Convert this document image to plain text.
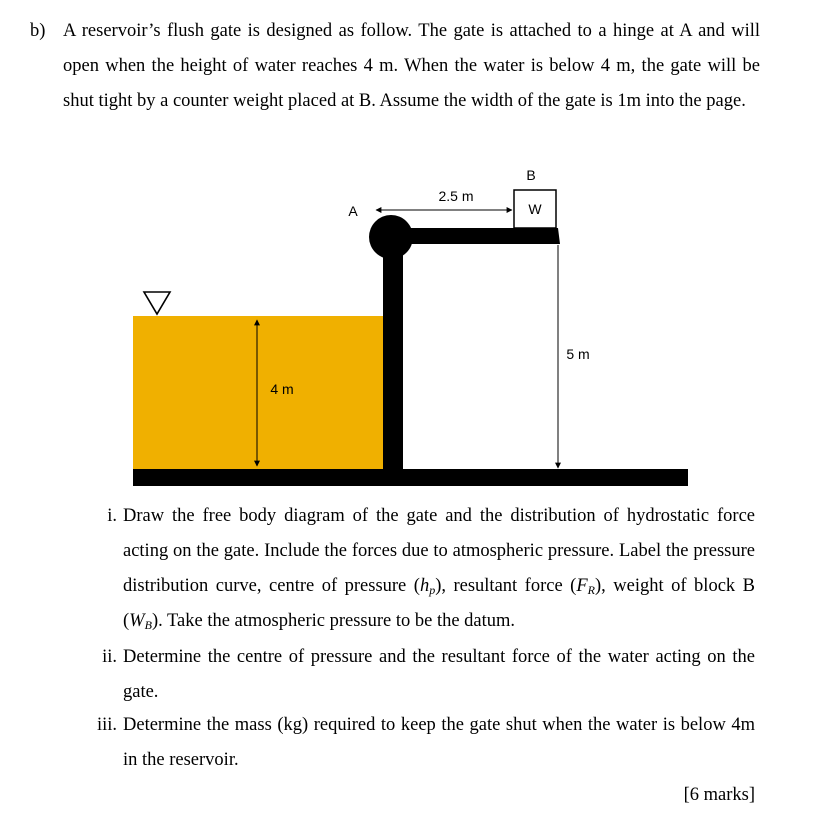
b) A reservoir’s flush gate is designed as follow. The gate is attached to a hinge at A and will open when the height of water reaches 4 m. When the water is below 4 m, the gate will be shut tight by a counter weight placed at B. Assume the width of the gate is 1m into the page.
W
B
A
2.5 m
5 m
4 m
i. Draw the free body diagram of the gate and the distribution of hydrostatic force acting on the gate. Include the forces due to atmospheric pressure. Label the pressure distribution curve, centre of pressure $(h_p)$, resultant force $(F_R)$, weight of block B $(W_B)$. Take the atmospheric pressure to be the datum.
ii. Determine the centre of pressure and the resultant force of the water acting on the gate.
iii. Determine the mass (kg) required to keep the gate shut when the water is below 4m in the reservoir.
[6 marks]
